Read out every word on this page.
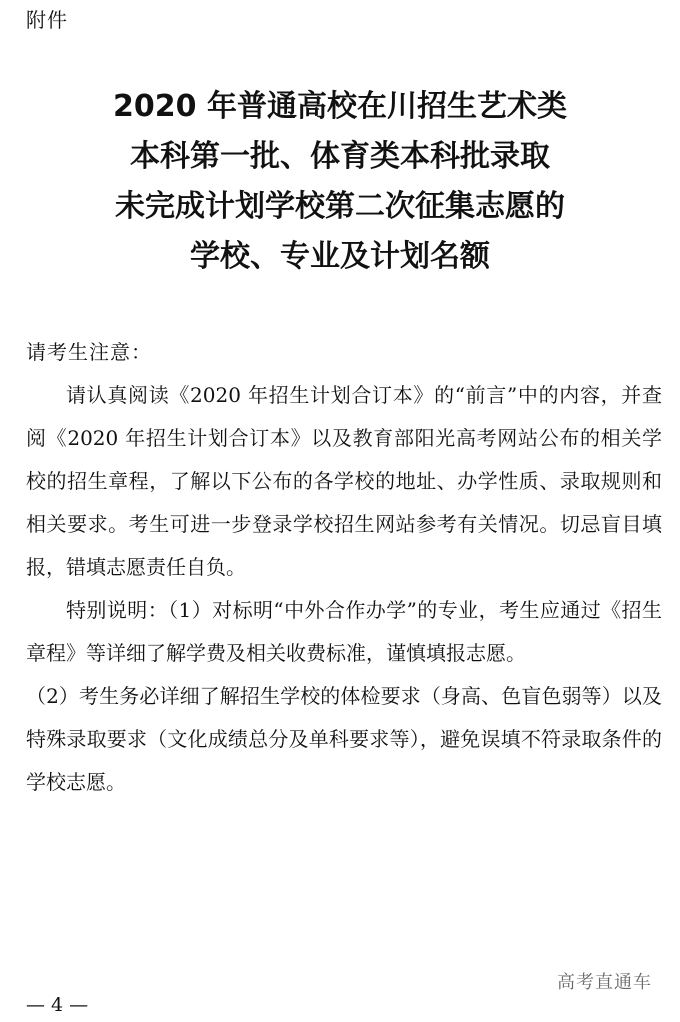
附件
2020 年普通高校在川招生艺术类
本科第一批、体育类本科批录取
未完成计划学校第二次征集志愿的
学校、专业及计划名额

请考生注意：

请认真阅读《2020 年招生计划合订本》的“前言”中的内容，并查阅《2020 年招生计划合订本》以及教育部阳光高考网站公布的相关学校的招生章程，了解以下公布的各学校的地址、办学性质、录取规则和相关要求。考生可进一步登录学校招生网站参考有关情况。切忌盲目填报，错填志愿责任自负。

特别说明：（1）对标明“中外合作办学”的专业，考生应通过《招生章程》等详细了解学费及相关收费标准，谨慎填报志愿。

（2）考生务必详细了解招生学校的体检要求（身高、色盲色弱等）以及特殊录取要求（文化成绩总分及单科要求等），避免误填不符录取条件的学校志愿。

高考直通车
— 4 —
